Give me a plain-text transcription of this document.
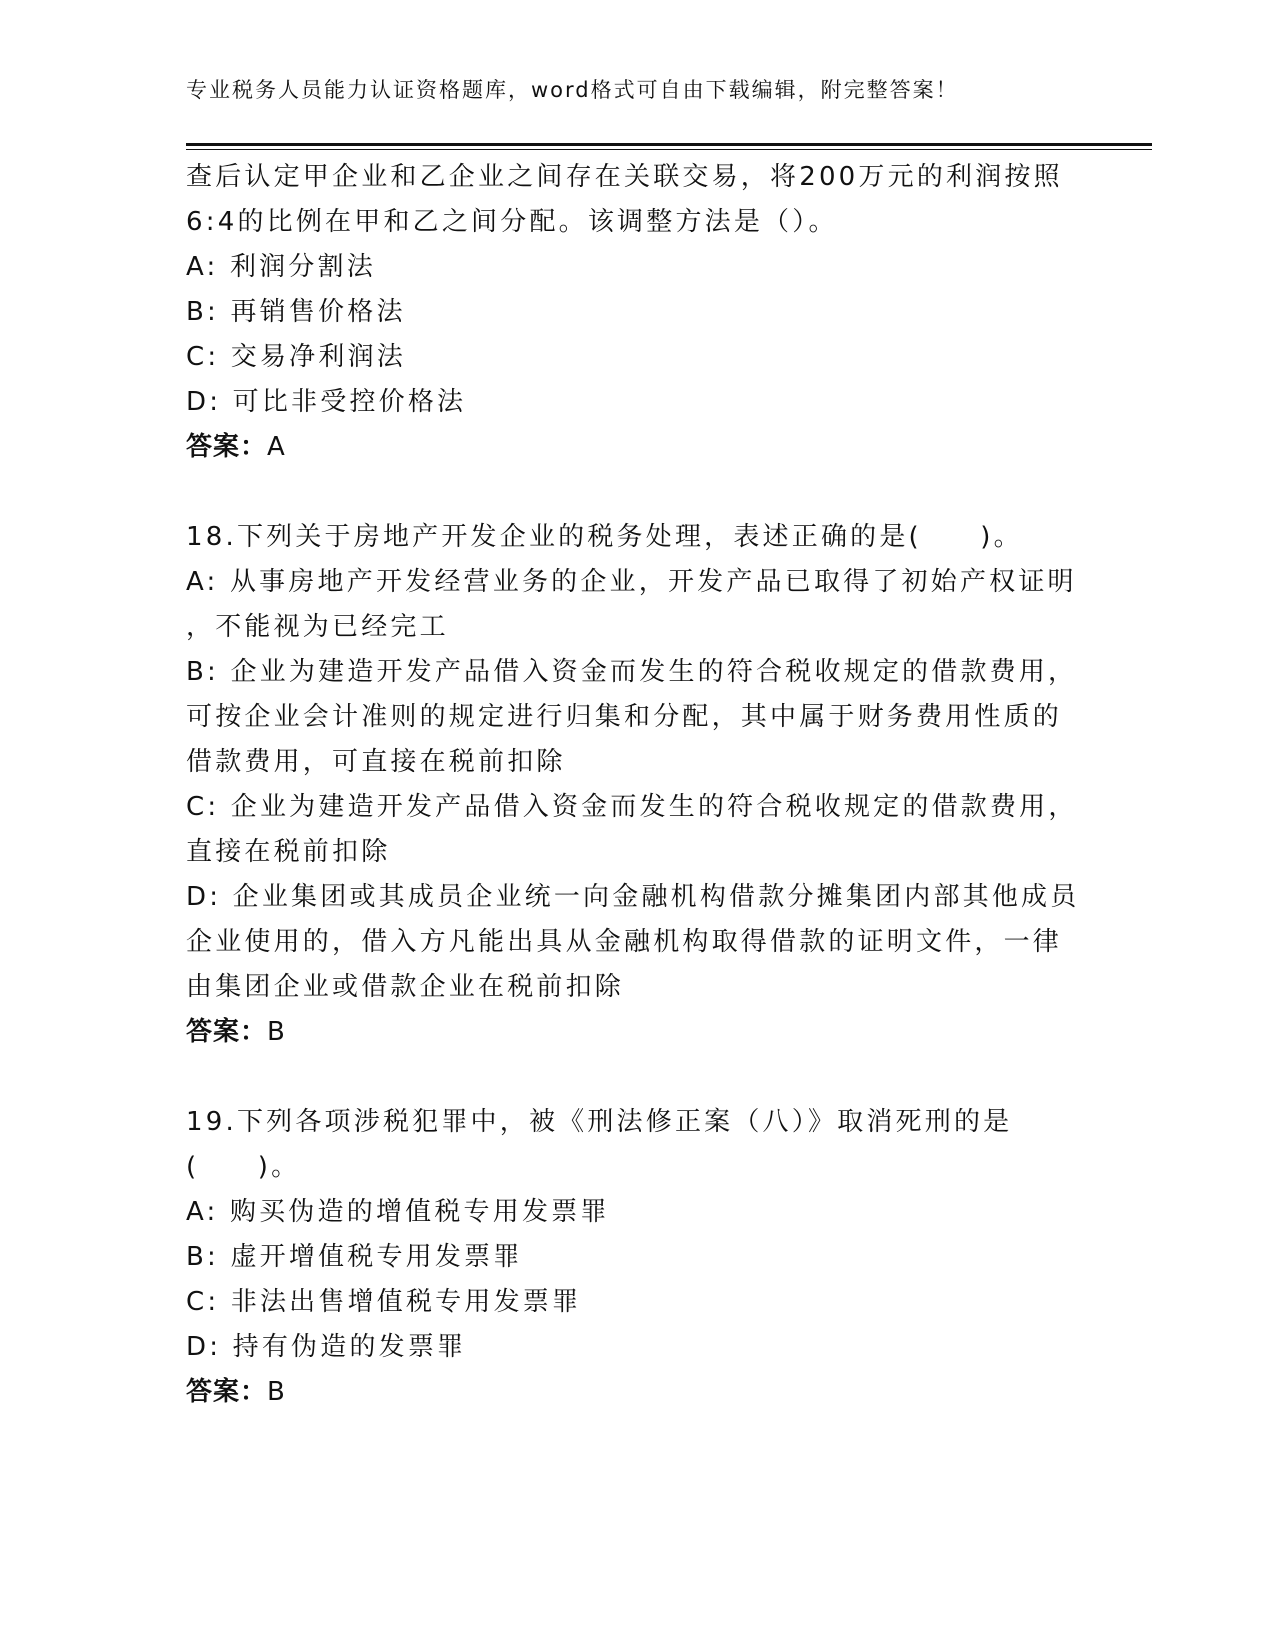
专业税务人员能力认证资格题库，word格式可自由下载编辑，附完整答案！
查后认定甲企业和乙企业之间存在关联交易，将200万元的利润按照
6:4的比例在甲和乙之间分配。该调整方法是（）。
A: 利润分割法
B: 再销售价格法
C: 交易净利润法
D: 可比非受控价格法
答案：A
18.下列关于房地产开发企业的税务处理，表述正确的是(　　)。
A: 从事房地产开发经营业务的企业，开发产品已取得了初始产权证明
，不能视为已经完工
B: 企业为建造开发产品借入资金而发生的符合税收规定的借款费用，
可按企业会计准则的规定进行归集和分配，其中属于财务费用性质的
借款费用，可直接在税前扣除
C: 企业为建造开发产品借入资金而发生的符合税收规定的借款费用，
直接在税前扣除
D: 企业集团或其成员企业统一向金融机构借款分摊集团内部其他成员
企业使用的，借入方凡能出具从金融机构取得借款的证明文件，一律
由集团企业或借款企业在税前扣除
答案：B
19.下列各项涉税犯罪中，被《刑法修正案（八）》取消死刑的是
(　　)。
A: 购买伪造的增值税专用发票罪
B: 虚开增值税专用发票罪
C: 非法出售增值税专用发票罪
D: 持有伪造的发票罪
答案：B
